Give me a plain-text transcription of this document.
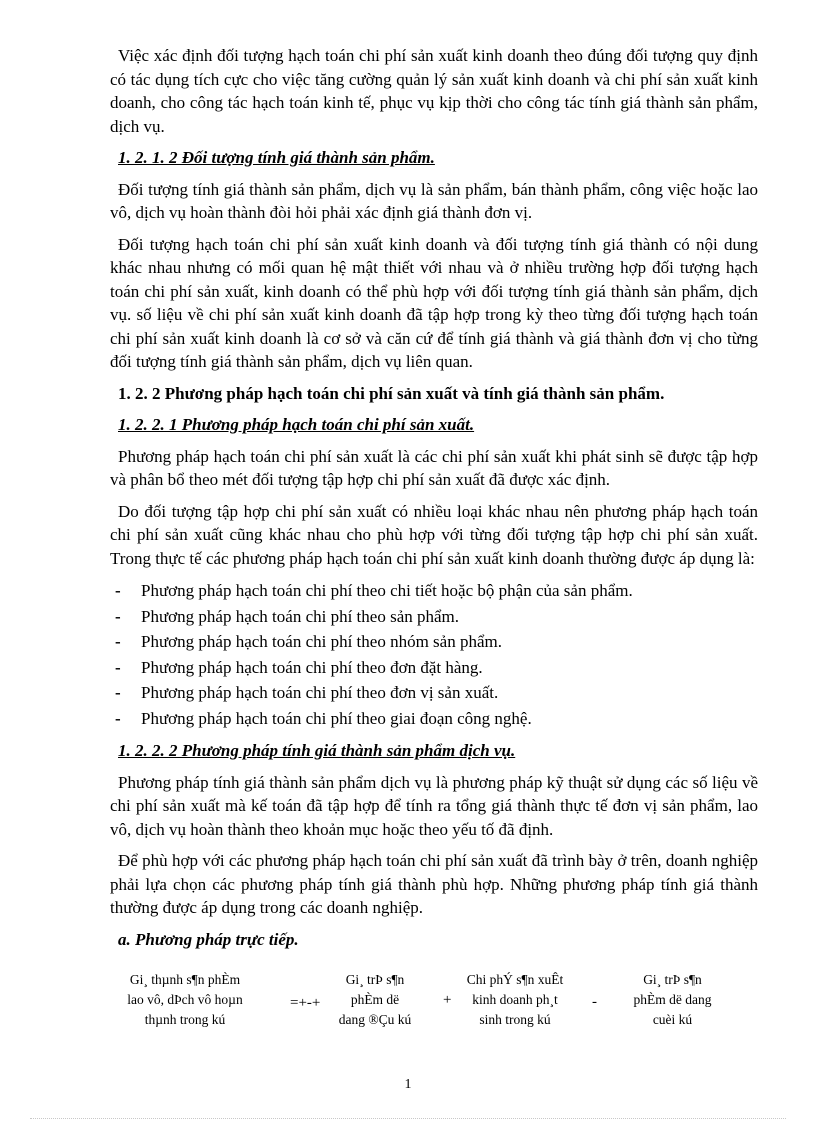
Việc xác định đối tượng hạch toán chi phí sản xuất kinh doanh theo đúng đối tượng quy định có tác dụng tích cực cho việc tăng cường quản lý sản xuất kinh doanh và chi phí sản xuất kinh doanh, cho công tác hạch toán kinh tế, phục vụ kịp thời cho công tác tính giá thành sản phẩm, dịch vụ.

1. 2. 1. 2 Đối tượng tính giá thành sản phẩm.

Đối tượng tính giá thành sản phẩm, dịch vụ là sản phẩm, bán thành phẩm, công việc hoặc lao vô, dịch vụ hoàn thành đòi hỏi phải xác định giá thành đơn vị.

Đối tượng hạch toán chi phí sản xuất kinh doanh và đối tượng tính giá thành có nội dung khác nhau nhưng có mối quan hệ mật thiết với nhau và ở nhiều trường hợp đối tượng hạch toán chi phí sản xuất, kinh doanh có thể phù hợp với đối tượng tính giá thành sản phẩm, dịch vụ. số liệu về chi phí sản xuất kinh doanh đã tập hợp trong kỳ theo từng đối tượng hạch toán chi phí sản xuất kinh doanh là cơ sở và căn cứ để tính giá thành và giá thành đơn vị cho từng đối tượng tính giá thành sản phẩm, dịch vụ liên quan.

1. 2. 2 Phương pháp hạch toán chi phí sản xuất và tính giá thành sản phẩm.
1. 2. 2. 1 Phương pháp hạch toán chi phí sản xuất.

Phương pháp hạch toán chi phí sản xuất là các chi phí sản xuất khi phát sinh sẽ được tập hợp và phân bổ theo mét đối tượng tập hợp chi phí sản xuất đã được xác định.

Do đối tượng tập hợp chi phí sản xuất có nhiều loại khác nhau nên phương pháp hạch toán chi phí sản xuất cũng khác nhau cho phù hợp với từng đối tượng tập hợp chi phí sản xuất. Trong thực tế các phương pháp hạch toán chi phí sản xuất kinh doanh thường được áp dụng là:

- Phương pháp hạch toán chi phí theo chi tiết hoặc bộ phận của sản phẩm.
- Phương pháp hạch toán chi phí theo sản phẩm.
- Phương pháp hạch toán chi phí theo nhóm sản phẩm.
- Phương pháp hạch toán chi phí theo đơn đặt hàng.
- Phương pháp hạch toán chi phí theo đơn vị sản xuất.
- Phương pháp hạch toán chi phí theo giai đoạn công nghệ.
1. 2. 2. 2 Phương pháp tính giá thành sản phẩm dịch vụ.

Phương pháp tính giá thành sản phẩm dịch vụ là phương pháp kỹ thuật sử dụng các số liệu về chi phí sản xuất mà kế toán đã tập hợp để tính ra tổng giá thành thực tế đơn vị sản phẩm, lao vô, dịch vụ hoàn thành theo khoản mục hoặc theo yếu tố đã định.

Để phù hợp với các phương pháp hạch toán chi phí sản xuất đã trình bày ở trên, doanh nghiệp phải lựa chọn các phương pháp tính giá thành phù hợp. Những phương pháp tính giá thành thường được áp dụng trong các doanh nghiệp.

a. Phương pháp trực tiếp.
Gi¸ thµnh s¶n phÈm
lao vô, dÞch vô hoµn
thµnh trong kú
=+-+
Gi¸ trÞ s¶n
phÈm dë
dang ®Çu kú
+
Chi phÝ s¶n xuÊt
kinh doanh ph¸t
sinh trong kú
-
Gi¸ trÞ s¶n
phÈm dë dang
cuèi kú
1
